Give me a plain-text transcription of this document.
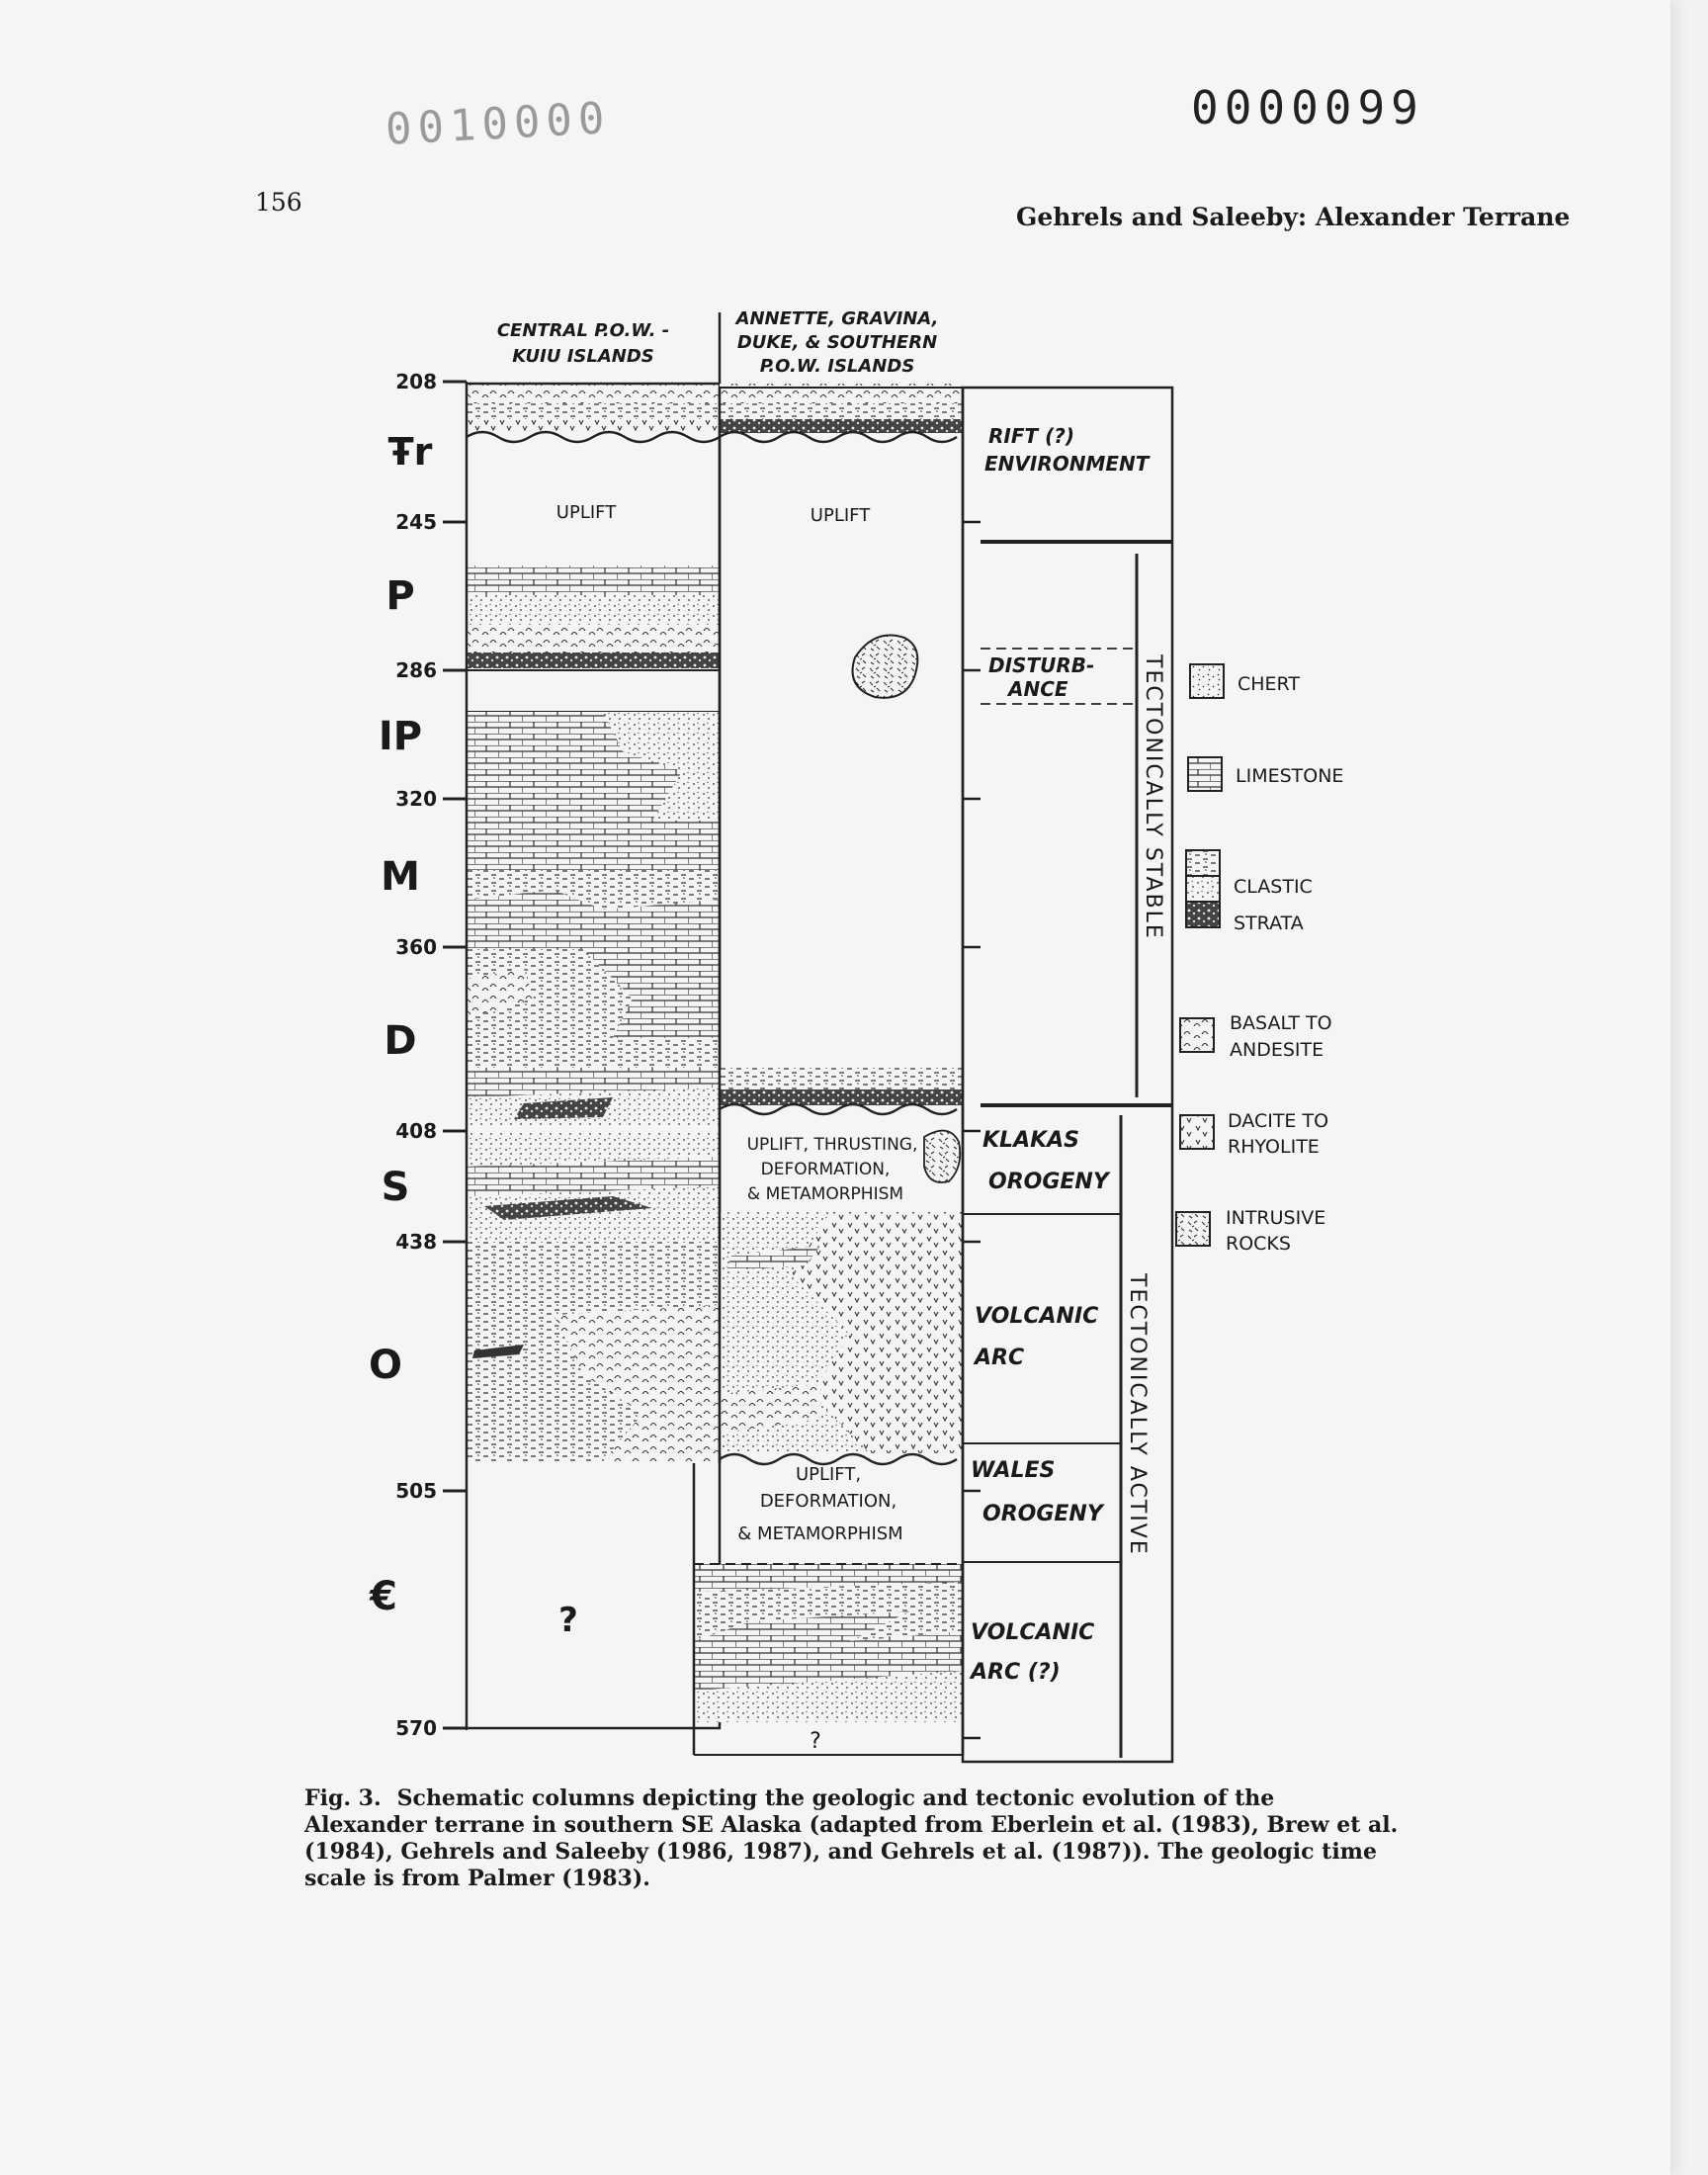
0010000	0000099
156
Gehrels and Saleeby: Alexander Terrane
CENTRAL P.O.W. -
KUIU ISLANDS
ANNETTE, GRAVINA,
DUKE, & SOUTHERN
P.O.W. ISLANDS
208
245
286
320
360
408
438
505
570
Ŧr
P
IP
M
D
S
O
€
UPLIFT
?
UPLIFT
UPLIFT, THRUSTING,
DEFORMATION,
& METAMORPHISM
UPLIFT,
DEFORMATION,
& METAMORPHISM
?
RIFT (?)
ENVIRONMENT
DISTURB-
ANCE
KLAKAS
OROGENY
VOLCANIC
ARC
WALES
OROGENY
VOLCANIC
ARC (?)
TECTONICALLY STABLE
TECTONICALLY ACTIVE
CHERT
LIMESTONE
CLASTIC
STRATA
BASALT TO
ANDESITE
DACITE TO
RHYOLITE
INTRUSIVE
ROCKS
Fig. 3. Schematic columns depicting the geologic and tectonic evolution of the Alexander terrane in southern SE Alaska (adapted from Eberlein et al. (1983), Brew et al. (1984), Gehrels and Saleeby (1986, 1987), and Gehrels et al. (1987)). The geologic time scale is from Palmer (1983).
